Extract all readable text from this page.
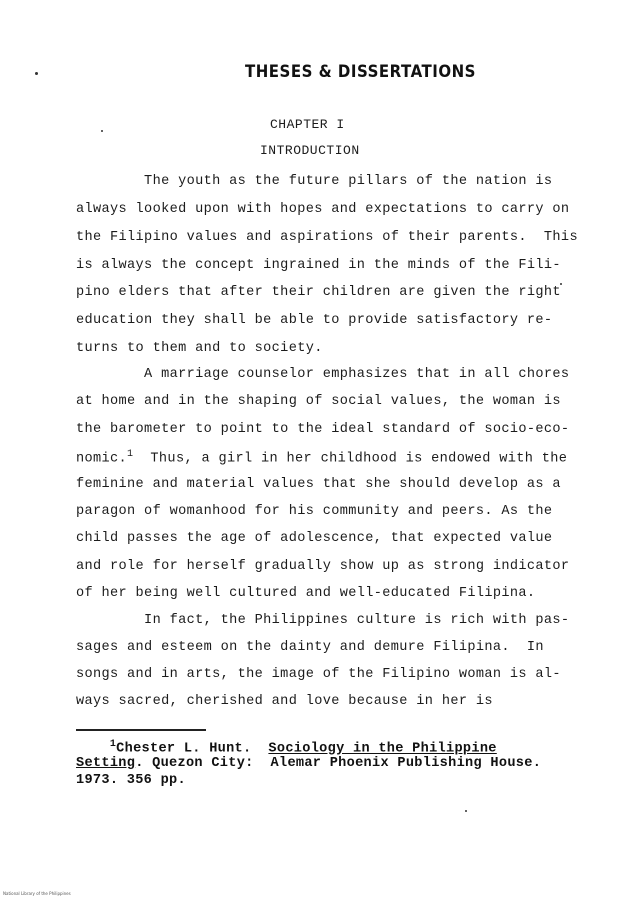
THESES & DISSERTATIONS
CHAPTER I
INTRODUCTION
The youth as the future pillars of the nation is
always looked upon with hopes and expectations to carry on
the Filipino values and aspirations of their parents.  This
is always the concept ingrained in the minds of the Fili-
pino elders that after their children are given the right
education they shall be able to provide satisfactory re-
turns to them and to society.
A marriage counselor emphasizes that in all chores
at home and in the shaping of social values, the woman is
the barometer to point to the ideal standard of socio-eco-
nomic.$^1$  Thus, a girl in her childhood is endowed with the
feminine and material values that she should develop as a
paragon of womanhood for his community and peers. As the
child passes the age of adolescence, that expected value
and role for herself gradually show up as strong indicator
of her being well cultured and well-educated Filipina.
In fact, the Philippines culture is rich with pas-
sages and esteem on the dainty and demure Filipina.  In
songs and in arts, the image of the Filipino woman is al-
ways sacred, cherished and love because in her is
$^1$Chester L. Hunt. Sociology in the Philippine
Setting. Quezon City:  Alemar Phoenix Publishing House.
1973. 356 pp.
National Library of the Philippines
